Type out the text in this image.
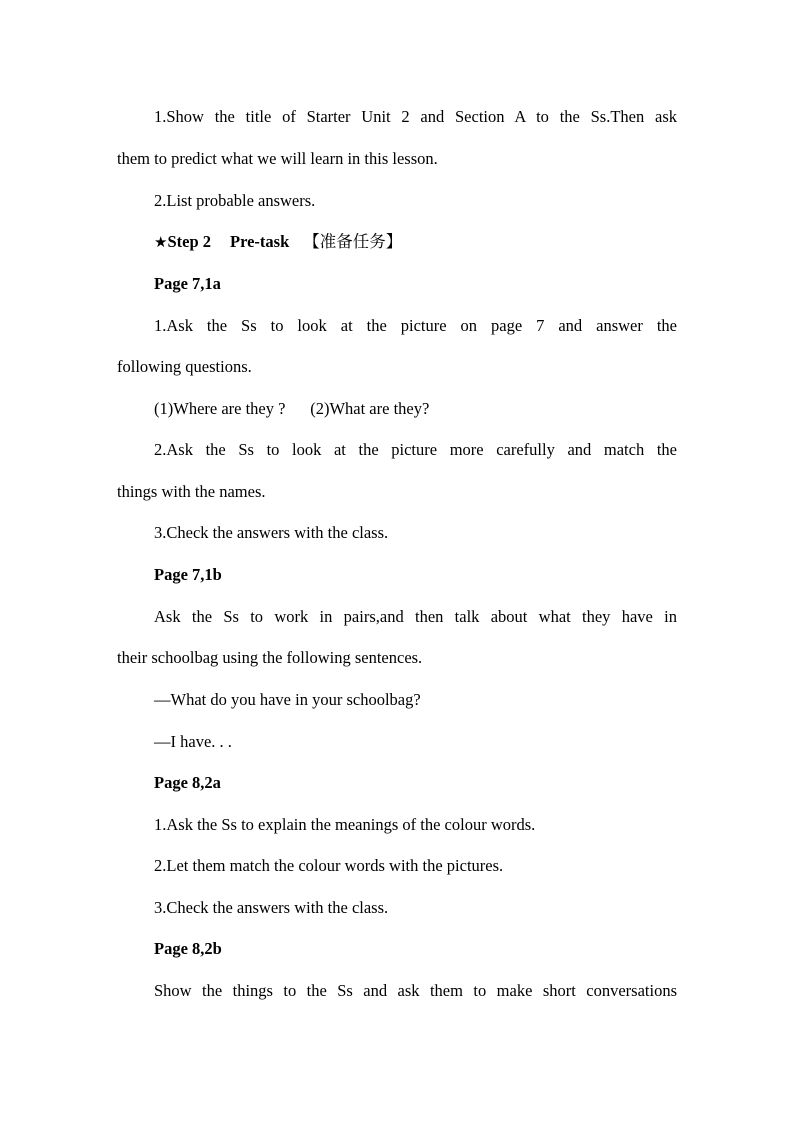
1.Show the title of Starter Unit 2 and Section A to the Ss.Then ask

them to predict what we will learn in this lesson.

2.List probable answers.

★Step 2 Pre-task 【准备任务】

Page 7,1a

1.Ask the Ss to look at the picture on page 7 and answer the

following questions.

(1)Where are they ?      (2)What are they?

2.Ask the Ss to look at the picture more carefully and match the

things with the names.

3.Check the answers with the class.

Page 7,1b

Ask the Ss to work in pairs,and then talk about what they have in

their schoolbag using the following sentences.

—What do you have in your schoolbag?

—I have. . .

Page 8,2a

1.Ask the Ss to explain the meanings of the colour words.

2.Let them match the colour words with the pictures.

3.Check the answers with the class.

Page 8,2b

Show the things to the Ss and ask them to make short conversations
